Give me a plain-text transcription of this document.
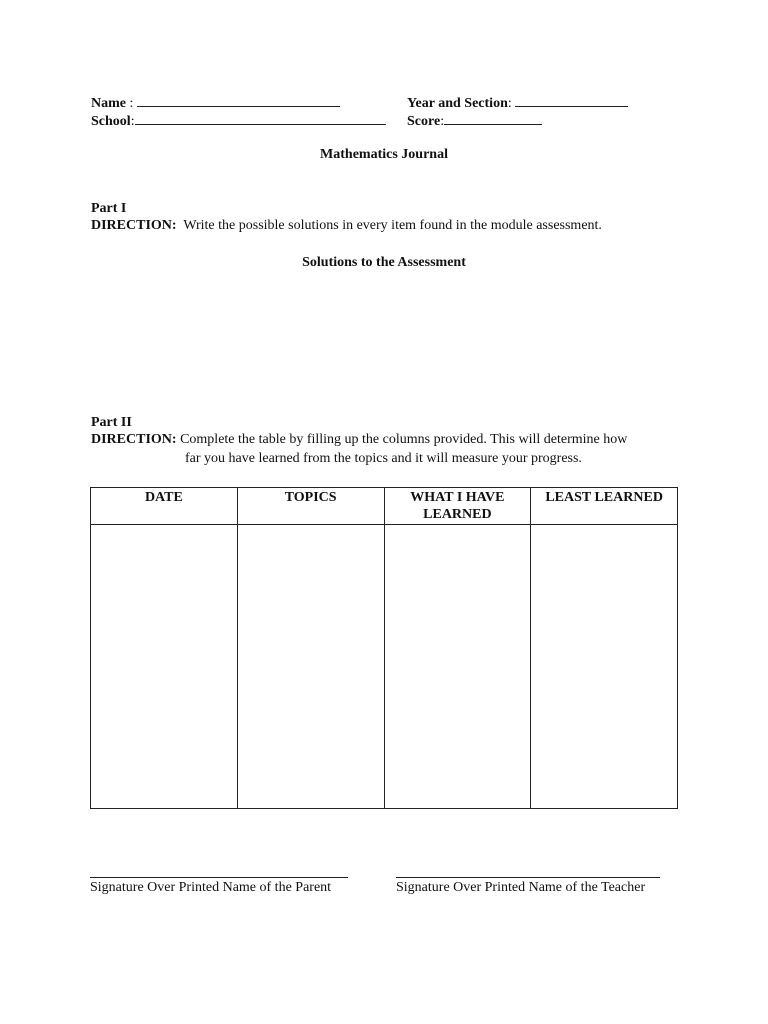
Name :
School:
Year and Section:
Score:
Mathematics Journal
Part I
DIRECTION: Write the possible solutions in every item found in the module assessment.
Solutions to the Assessment
Part II
DIRECTION: Complete the table by filling up the columns provided. This will determine how
far you have learned from the topics and it will measure your progress.
DATE	TOPICS	WHAT I HAVE LEARNED	LEAST LEARNED

Signature Over Printed Name of the Parent	Signature Over Printed Name of the Teacher
